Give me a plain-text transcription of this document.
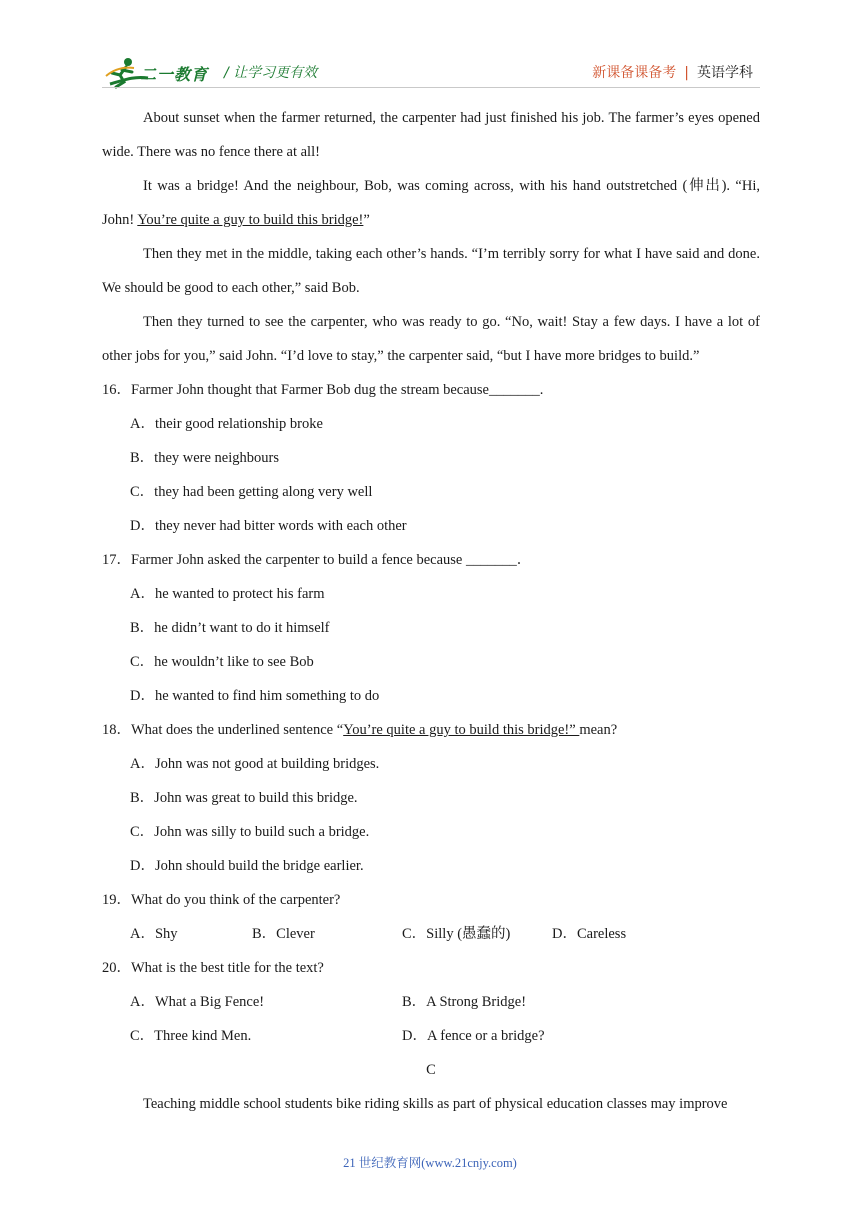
二一教育 / 让学习更有效	新课备课备考 | 英语学科

About sunset when the farmer returned, the carpenter had just finished his job. The farmer’s eyes opened wide. There was no fence there at all!

It was a bridge! And the neighbour, Bob, was coming across, with his hand outstretched (伸出). “Hi, John! You’re quite a guy to build this bridge!”

Then they met in the middle, taking each other’s hands. “I’m terribly sorry for what I have said and done. We should be good to each other,” said Bob.

Then they turned to see the carpenter, who was ready to go. “No, wait! Stay a few days. I have a lot of other jobs for you,” said John. “I’d love to stay,” the carpenter said, “but I have more bridges to build.”

16．Farmer John thought that Farmer Bob dug the stream because_______.
A．their good relationship broke
B．they were neighbours
C．they had been getting along very well
D．they never had bitter words with each other
17．Farmer John asked the carpenter to build a fence because _______．
A．he wanted to protect his farm
B．he didn’t want to do it himself
C．he wouldn’t like to see Bob
D．he wanted to find him something to do
18．What does the underlined sentence “You’re quite a guy to build this bridge!” mean?
A．John was not good at building bridges.
B．John was great to build this bridge.
C．John was silly to build such a bridge.
D．John should build the bridge earlier.
19．What do you think of the carpenter?
A．Shy	B．Clever	C．Silly (愚蠢的)	D．Careless
20．What is the best title for the text?
A．What a Big Fence!	B．A Strong Bridge!
C．Three kind Men.	D．A fence or a bridge?
C

Teaching middle school students bike riding skills as part of physical education classes may improve

21 世纪教育网(www.21cnjy.com)
